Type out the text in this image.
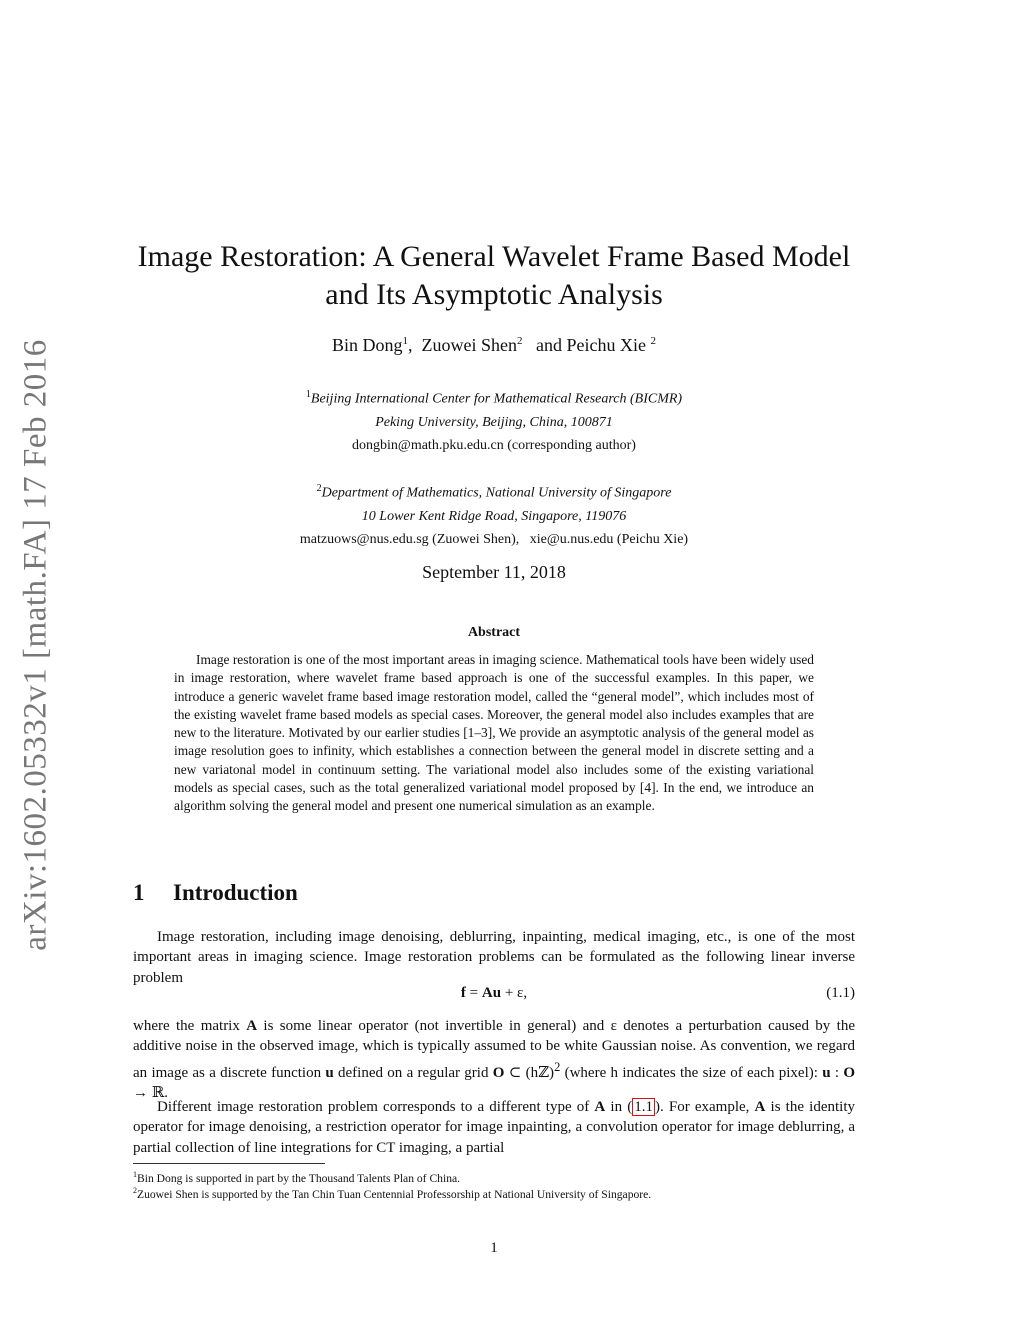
arXiv:1602.05332v1 [math.FA] 17 Feb 2016
Image Restoration: A General Wavelet Frame Based Model
and Its Asymptotic Analysis
Bin Dong$^1$,  Zuowei Shen$^2$   and Peichu Xie $^2$
$^1$Beijing International Center for Mathematical Research (BICMR)
Peking University, Beijing, China, 100871
dongbin@math.pku.edu.cn (corresponding author)
$^2$Department of Mathematics, National University of Singapore
10 Lower Kent Ridge Road, Singapore, 119076
matzuows@nus.edu.sg (Zuowei Shen),   xie@u.nus.edu (Peichu Xie)
September 11, 2018
Abstract

Image restoration is one of the most important areas in imaging science. Mathematical tools have been widely used in image restoration, where wavelet frame based approach is one of the successful examples. In this paper, we introduce a generic wavelet frame based image restoration model, called the “general model”, which includes most of the existing wavelet frame based models as special cases. Moreover, the general model also includes examples that are new to the literature. Motivated by our earlier studies [1–3], We provide an asymptotic analysis of the general model as image resolution goes to infinity, which establishes a connection between the general model in discrete setting and a new variatonal model in continuum setting. The variational model also includes some of the existing variational models as special cases, such as the total generalized variational model proposed by [4]. In the end, we introduce an algorithm solving the general model and present one numerical simulation as an example.

1 Introduction

Image restoration, including image denoising, deblurring, inpainting, medical imaging, etc., is one of the most important areas in imaging science. Image restoration problems can be formulated as the following linear inverse problem

f = Au + ε,	(1.1)

where the matrix A is some linear operator (not invertible in general) and ε denotes a perturbation caused by the additive noise in the observed image, which is typically assumed to be white Gaussian noise. As convention, we regard an image as a discrete function u defined on a regular grid O ⊂ (hℤ)$^2$ (where h indicates the size of each pixel): u : O → ℝ.

Different image restoration problem corresponds to a different type of A in ( 1.1 ). For example, A is the identity operator for image denoising, a restriction operator for image inpainting, a convolution operator for image deblurring, a partial collection of line integrations for CT imaging, a partial

$^1$Bin Dong is supported in part by the Thousand Talents Plan of China.

$^2$Zuowei Shen is supported by the Tan Chin Tuan Centennial Professorship at National University of Singapore.

1
